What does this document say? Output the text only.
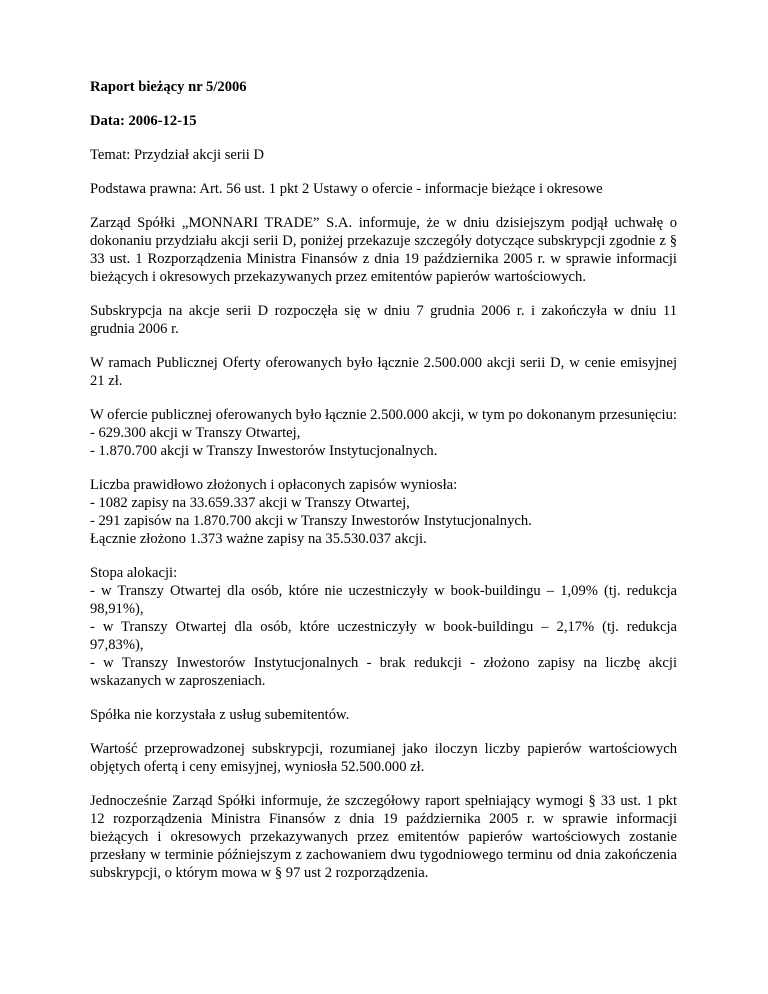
Raport bieżący nr 5/2006

Data: 2006-12-15

Temat: Przydział akcji serii D

Podstawa prawna: Art. 56 ust. 1 pkt 2 Ustawy o ofercie - informacje bieżące i okresowe

Zarząd Spółki „MONNARI TRADE” S.A. informuje, że w dniu dzisiejszym podjął uchwałę o dokonaniu przydziału akcji serii D, poniżej przekazuje szczegóły dotyczące subskrypcji zgodnie z § 33 ust. 1 Rozporządzenia Ministra Finansów z dnia 19 października 2005 r. w sprawie informacji bieżących i okresowych przekazywanych przez emitentów papierów wartościowych.

Subskrypcja na akcje serii D rozpoczęła się w dniu 7 grudnia 2006 r. i zakończyła w dniu 11 grudnia 2006 r.

W ramach Publicznej Oferty oferowanych było łącznie 2.500.000 akcji serii D, w cenie emisyjnej 21 zł.

W ofercie publicznej oferowanych było łącznie 2.500.000 akcji, w tym po dokonanym przesunięciu:
- 629.300 akcji w Transzy Otwartej,
- 1.870.700 akcji w Transzy Inwestorów Instytucjonalnych.
Liczba prawidłowo złożonych i opłaconych zapisów wyniosła:
- 1082 zapisy na 33.659.337 akcji w Transzy Otwartej,
- 291 zapisów na 1.870.700 akcji w Transzy Inwestorów Instytucjonalnych.
Łącznie złożono 1.373 ważne zapisy na 35.530.037 akcji.
Stopa alokacji:
- w Transzy Otwartej dla osób, które nie uczestniczyły w book-buildingu – 1,09% (tj. redukcja 98,91%),
- w Transzy Otwartej dla osób, które uczestniczyły w book-buildingu – 2,17% (tj. redukcja 97,83%),
- w Transzy Inwestorów Instytucjonalnych - brak redukcji - złożono zapisy na liczbę akcji wskazanych w zaproszeniach.

Spółka nie korzystała z usług subemitentów.

Wartość przeprowadzonej subskrypcji, rozumianej jako iloczyn liczby papierów wartościowych objętych ofertą i ceny emisyjnej, wyniosła 52.500.000 zł.

Jednocześnie Zarząd Spółki informuje, że szczegółowy raport spełniający wymogi § 33 ust. 1 pkt 12 rozporządzenia Ministra Finansów z dnia 19 października 2005 r. w sprawie informacji bieżących i okresowych przekazywanych przez emitentów papierów wartościowych zostanie przesłany w terminie późniejszym z zachowaniem dwu tygodniowego terminu od dnia zakończenia subskrypcji, o którym mowa w § 97 ust 2 rozporządzenia.
